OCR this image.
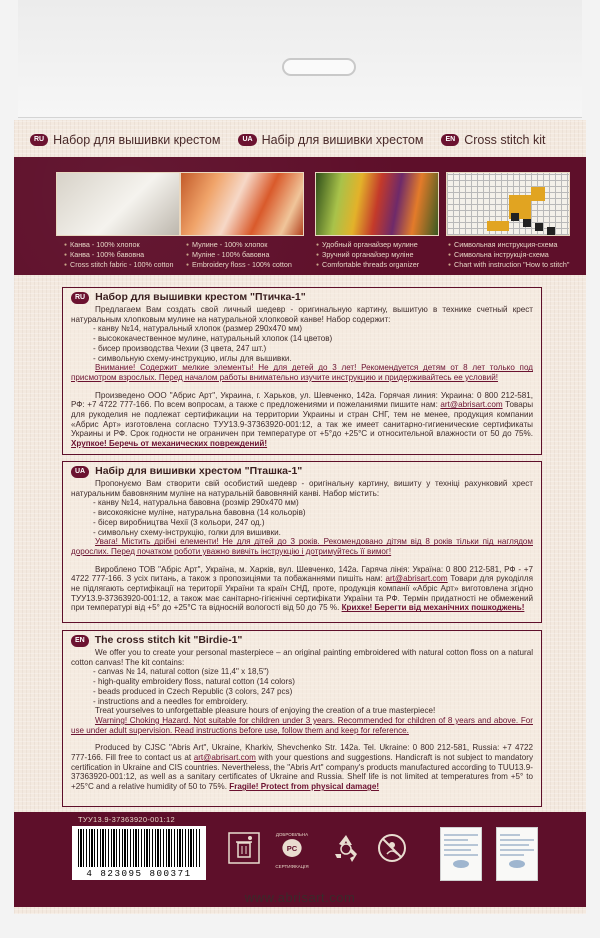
RU Набор для вышивки крестом	UA Набір для вишивки хрестом	EN Cross stitch kit
● Канва - 100% хлопок
● Канва - 100% бавовна
● Cross stitch fabric - 100% cotton
● Мулине - 100% хлопок
● Муліне - 100% бавовна
● Embroidery floss - 100% cotton
● Удобный органайзер мулине
● Зручний органайзер муліне
● Comfortable threads organizer
● Символьная инструкция-схема
● Символьна інструкція-схема
● Chart with instruction "How to stitch"
RU Набор для вышивки крестом "Птичка-1"

Предлагаем Вам создать свой личный шедевр - оригинальную картину, вышитую в технике счетный крест натуральным хлопковым мулине на натуральной хлопковой канве! Набор содержит:

- канву №14, натуральный хлопок (размер 290х470 мм)
- высококачественное мулине, натуральный хлопок (14 цветов)
- бисер производства Чехии (3 цвета, 247 шт.)
- символьную схему-инструкцию, иглы для вышивки.

Внимание! Содержит мелкие элементы! Не для детей до 3 лет! Рекомендуется детям от 8 лет только под присмотром взрослых. Перед началом работы внимательно изучите инструкцию и придерживайтесь ее условий!

Произведено ООО "Абрис Арт", Украина, г. Харьков, ул. Шевченко, 142а. Горячая линия: Украина: 0 800 212-581, РФ: +7 4722 777-166. По всем вопросам, а также с предложениями и пожеланиями пишите нам: art@abrisart.com Товары для рукоделия не подлежат сертификации на территории Украины и стран СНГ, тем не менее, продукция компании «Абрис Арт» изготовлена согласно ТУУ13.9-37363920-001:12, а так же имеет санитарно-гигиенические сертификаты Украины и РФ. Срок годности не ограничен при температуре от +5°до +25°С и относительной влажности от 50 до 75%. Хрупкое! Беречь от механических повреждений!

UA Набір для вишивки хрестом "Пташка-1"

Пропонуємо Вам створити свій особистий шедевр - оригінальну картину, вишиту у техніці рахунковий хрест натуральним бавовняним муліне на натуральній бавовняній канві. Набор містить:

- канву №14, натуральна бавовна (розмір 290х470 мм)
- високоякісне муліне, натуральна бавовна (14 кольорів)
- бісер виробництва Чехії (3 кольори, 247 од.)
- символьну схему-інструкцію, голки для вишивки.

Увага! Містить дрібні елементи! Не для дітей до 3 років. Рекомендовано дітям від 8 років тільки під наглядом дорослих. Перед початком роботи уважно вивчіть інструкцію і дотримуйтесь її вимог!

Вироблено ТОВ "Абріс Арт", Україна, м. Харків, вул. Шевченко, 142а. Гаряча лінія: Україна: 0 800 212-581, РФ - +7 4722 777-166. З усіх питань, а також з пропозиціями та побажаннями пишіть нам: art@abrisart.com Товари для рукоділля не підлягають сертифікації на території України та країн СНД, проте, продукція компанії «Абріс Арт» виготовлена згідно ТУУ13.9-37363920-001:12, а також має санітарно-гігієнічні сертифікати України та РФ. Термін придатності не обмежений при температурі від +5° до +25°С та відносній вологості від 50 до 75 %. Крихке! Берегти від механічних пошкоджень!

EN The cross stitch kit "Birdie-1"

We offer you to create your personal masterpiece – an original painting embroidered with natural cotton floss on a natural cotton canvas! The kit contains:

- canvas № 14, natural cotton (size 11,4" x 18,5")
- high-quality embroidery floss, natural cotton (14 colors)
- beads produced in Czech Republic (3 colors, 247 pcs)
- instructions and a needles for embroidery.

Treat yourselves to unforgettable pleasure hours of enjoying the creation of a true masterpiece!

Warning! Choking Hazard. Not suitable for children under 3 years. Recommended for children of 8 years and above. For use under adult supervision. Read instructions before use, follow them and keep for reference.

Produced by CJSC "Abris Art", Ukraine, Kharkiv, Shevchenko Str. 142a. Tel. Ukraine: 0 800 212-581, Russia: +7 4722 777-166. Fill free to contact us at art@abrisart.com with your questions and suggestions. Handicraft is not subject to mandatory certification in Ukraine and CIS countries. Nevertheless, the "Abris Art" company's products manufactured according to TUU13.9-37363920-001:12, as well as a sanitary certificates of Ukraine and Russia. Shelf life is not limited at temperatures from +5° to +25°C and a relative humidity of 50 to 75%. Fragile! Protect from physical damage!

ТУУ13.9-37363920-001:12
4 823095 800371
ДОБРОВІЛЬНА
PC
СЕРТИФІКАЦІЯ
www.abrisart.com
